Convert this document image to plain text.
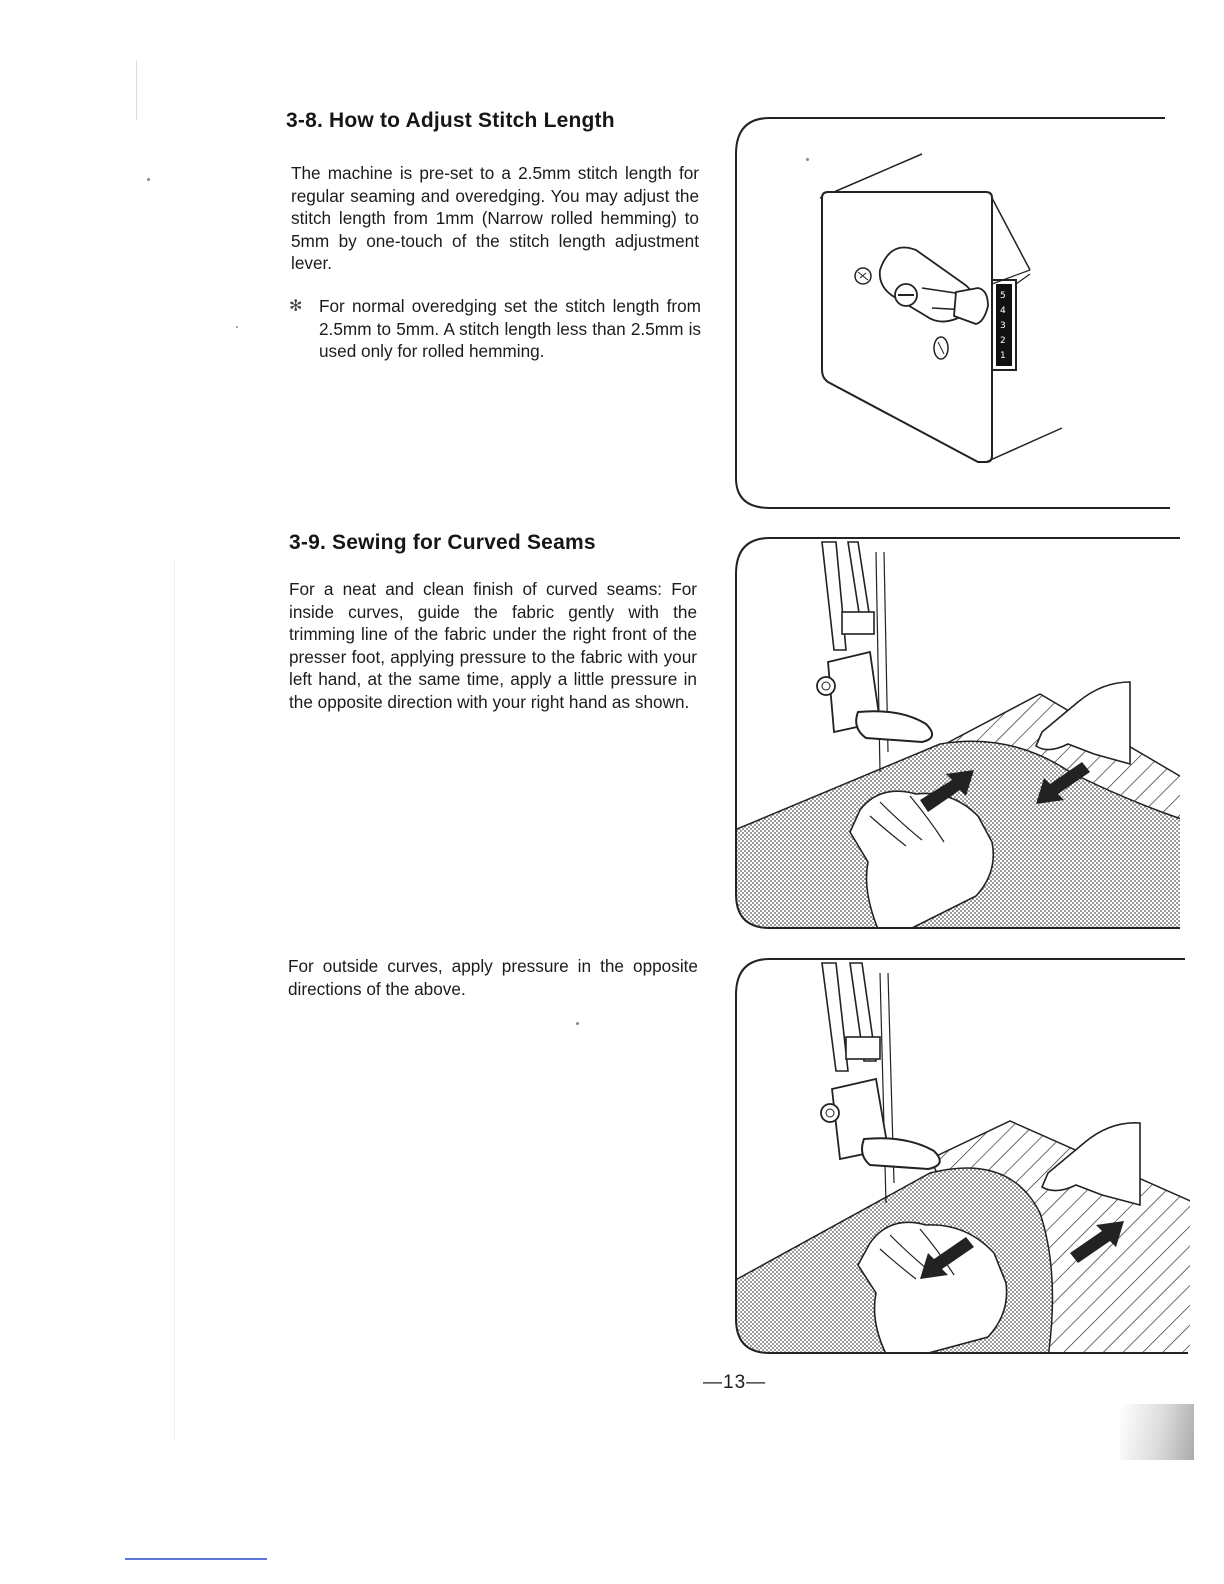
3-8. How to Adjust Stitch Length

The machine is pre-set to a 2.5mm stitch length for regular seaming and overedging. You may adjust the stitch length from 1mm (Narrow rolled hemming) to 5mm by one-touch of the stitch length adjustment lever.

✻ For normal overedging set the stitch length from 2.5mm to 5mm. A stitch length less than 2.5mm is used only for rolled hemming.
3-9. Sewing for Curved Seams

For a neat and clean finish of curved seams: For inside curves, guide the fabric gently with the trimming line of the fabric under the right front of the presser foot, applying pressure to the fabric with your left hand, at the same time, apply a little pressure in the opposite direction with your right hand as shown.

For outside curves, apply pressure in the opposite directions of the above.

5
4
3
2
1
—13—
